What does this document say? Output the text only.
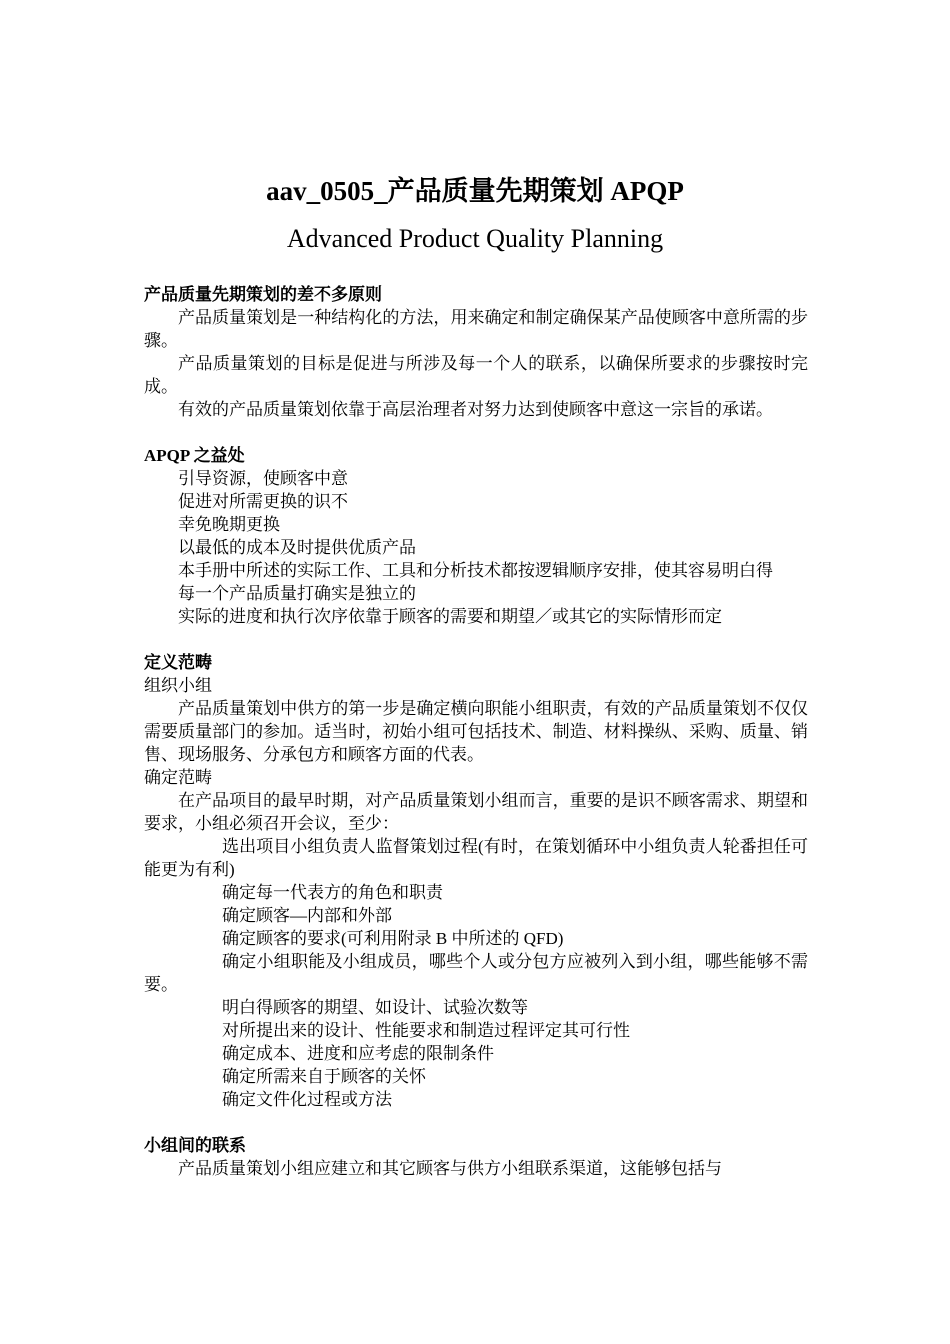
aav_0505_产品质量先期策划 APQP
Advanced Product Quality Planning

产品质量先期策划的差不多原则

产品质量策划是一种结构化的方法，用来确定和制定确保某产品使顾客中意所需的步骤。

产品质量策划的目标是促进与所涉及每一个人的联系，以确保所要求的步骤按时完成。

有效的产品质量策划依靠于高层治理者对努力达到使顾客中意这一宗旨的承诺。

APQP 之益处

引导资源，使顾客中意

促进对所需更换的识不

幸免晚期更换

以最低的成本及时提供优质产品

本手册中所述的实际工作、工具和分析技术都按逻辑顺序安排，使其容易明白得

每一个产品质量打确实是独立的

实际的进度和执行次序依靠于顾客的需要和期望／或其它的实际情形而定

定义范畴

组织小组

产品质量策划中供方的第一步是确定横向职能小组职责，有效的产品质量策划不仅仅需要质量部门的参加。适当时，初始小组可包括技术、制造、材料操纵、采购、质量、销售、现场服务、分承包方和顾客方面的代表。

确定范畴

在产品项目的最早时期，对产品质量策划小组而言，重要的是识不顾客需求、期望和要求，小组必须召开会议，至少：

选出项目小组负责人监督策划过程(有时，在策划循环中小组负责人轮番担任可能更为有利)

确定每一代表方的角色和职责

确定顾客—内部和外部

确定顾客的要求(可利用附录 B 中所述的 QFD)

确定小组职能及小组成员，哪些个人或分包方应被列入到小组，哪些能够不需要。

明白得顾客的期望、如设计、试验次数等

对所提出来的设计、性能要求和制造过程评定其可行性

确定成本、进度和应考虑的限制条件

确定所需来自于顾客的关怀

确定文件化过程或方法

小组间的联系

产品质量策划小组应建立和其它顾客与供方小组联系渠道，这能够包括与
